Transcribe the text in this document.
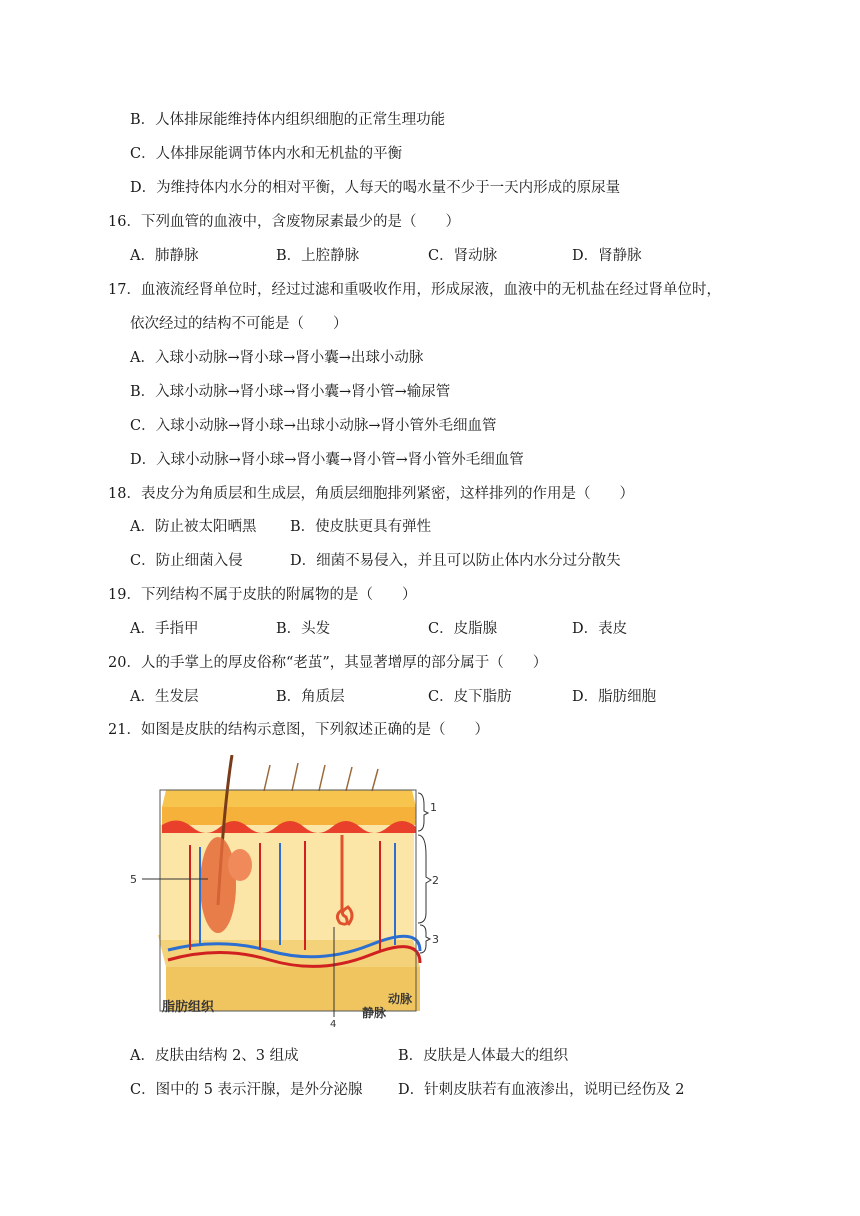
B．人体排尿能维持体内组织细胞的正常生理功能
C．人体排尿能调节体内水和无机盐的平衡
D．为维持体内水分的相对平衡，人每天的喝水量不少于一天内形成的原尿量
16．下列血管的血液中，含废物尿素最少的是（　　）
A．肺静脉	B．上腔静脉	C．肾动脉	D．肾静脉
17．血液流经肾单位时，经过过滤和重吸收作用，形成尿液，血液中的无机盐在经过肾单位时，
依次经过的结构不可能是（　　）
A．入球小动脉→肾小球→肾小囊→出球小动脉
B．入球小动脉→肾小球→肾小囊→肾小管→输尿管
C．入球小动脉→肾小球→出球小动脉→肾小管外毛细血管
D．入球小动脉→肾小球→肾小囊→肾小管→肾小管外毛细血管
18．表皮分为角质层和生成层，角质层细胞排列紧密，这样排列的作用是（　　）
A．防止被太阳晒黑 B．使皮肤更具有弹性
C．防止细菌入侵	D．细菌不易侵入，并且可以防止体内水分过分散失
19．下列结构不属于皮肤的附属物的是（　　）
A．手指甲	B．头发	C．皮脂腺	D．表皮
20．人的手掌上的厚皮俗称“老茧”，其显著增厚的部分属于（　　）
A．生发层	B．角质层	C．皮下脂肪	D．脂肪细胞
21．如图是皮肤的结构示意图，下列叙述正确的是（　　）
1
2
3
5
4
脂肪组织	静脉
动脉
A．皮肤由结构 2、3 组成	B．皮肤是人体最大的组织
C．图中的 5 表示汗腺，是外分泌腺 D．针刺皮肤若有血液渗出，说明已经伤及 2
